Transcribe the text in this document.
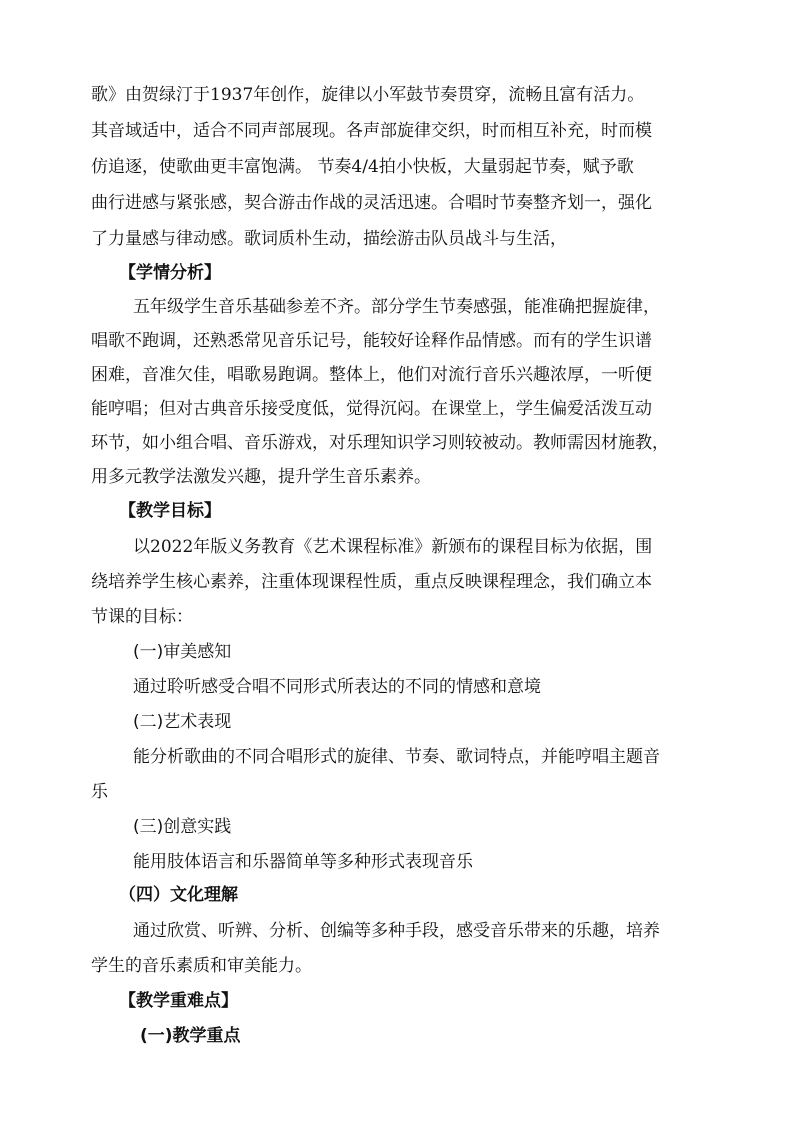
歌》由贺绿汀于1937年创作，旋律以小军鼓节奏贯穿，流畅且富有活力。
其音域适中，适合不同声部展现。各声部旋律交织，时而相互补充，时而模
仿追逐，使歌曲更丰富饱满。 节奏4/4拍小快板，大量弱起节奏，赋予歌
曲行进感与紧张感，契合游击作战的灵活迅速。合唱时节奏整齐划一，强化
了力量感与律动感。歌词质朴生动，描绘游击队员战斗与生活，
【学情分析】
五年级学生音乐基础参差不齐。部分学生节奏感强，能准确把握旋律，
唱歌不跑调，还熟悉常见音乐记号，能较好诠释作品情感。而有的学生识谱
困难，音准欠佳，唱歌易跑调。整体上，他们对流行音乐兴趣浓厚，一听便
能哼唱；但对古典音乐接受度低，觉得沉闷。在课堂上，学生偏爱活泼互动
环节，如小组合唱、音乐游戏，对乐理知识学习则较被动。教师需因材施教，
用多元教学法激发兴趣，提升学生音乐素养。
【教学目标】
以2022年版义务教育《艺术课程标准》新颁布的课程目标为依据，围
绕培养学生核心素养，注重体现课程性质，重点反映课程理念，我们确立本
节课的目标：
(一)审美感知
通过聆听感受合唱不同形式所表达的不同的情感和意境
(二)艺术表现
能分析歌曲的不同合唱形式的旋律、节奏、歌词特点，并能哼唱主题音
乐
(三)创意实践
能用肢体语言和乐器简单等多种形式表现音乐
（四）文化理解
通过欣赏、听辨、分析、创编等多种手段，感受音乐带来的乐趣，培养
学生的音乐素质和审美能力。
【教学重难点】
(一)教学重点
